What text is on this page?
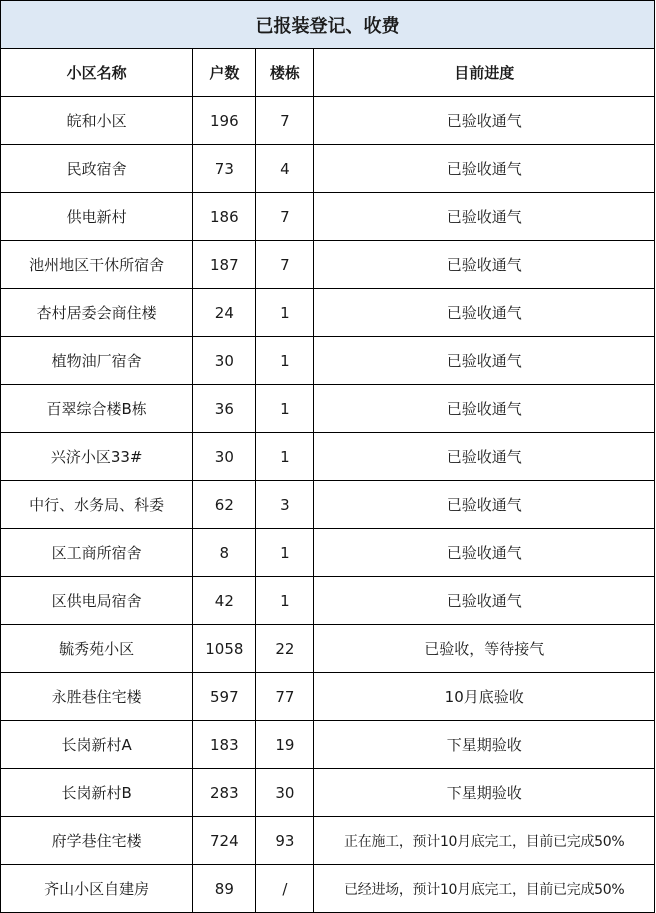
已报装登记、收费			
小区名称	户数	楼栋	目前进度
皖和小区	196	7	已验收通气
民政宿舍	73	4	已验收通气
供电新村	186	7	已验收通气
池州地区干休所宿舍	187	7	已验收通气
杏村居委会商住楼	24	1	已验收通气
植物油厂宿舍	30	1	已验收通气
百翠综合楼B栋	36	1	已验收通气
兴济小区33#	30	1	已验收通气
中行、水务局、科委	62	3	已验收通气
区工商所宿舍	8	1	已验收通气
区供电局宿舍	42	1	已验收通气
毓秀苑小区	1058	22	已验收，等待接气
永胜巷住宅楼	597	77	10月底验收
长岗新村A	183	19	下星期验收
长岗新村B	283	30	下星期验收
府学巷住宅楼	724	93	正在施工，预计10月底完工，目前已完成50%
齐山小区自建房	89	/	已经进场，预计10月底完工，目前已完成50%
